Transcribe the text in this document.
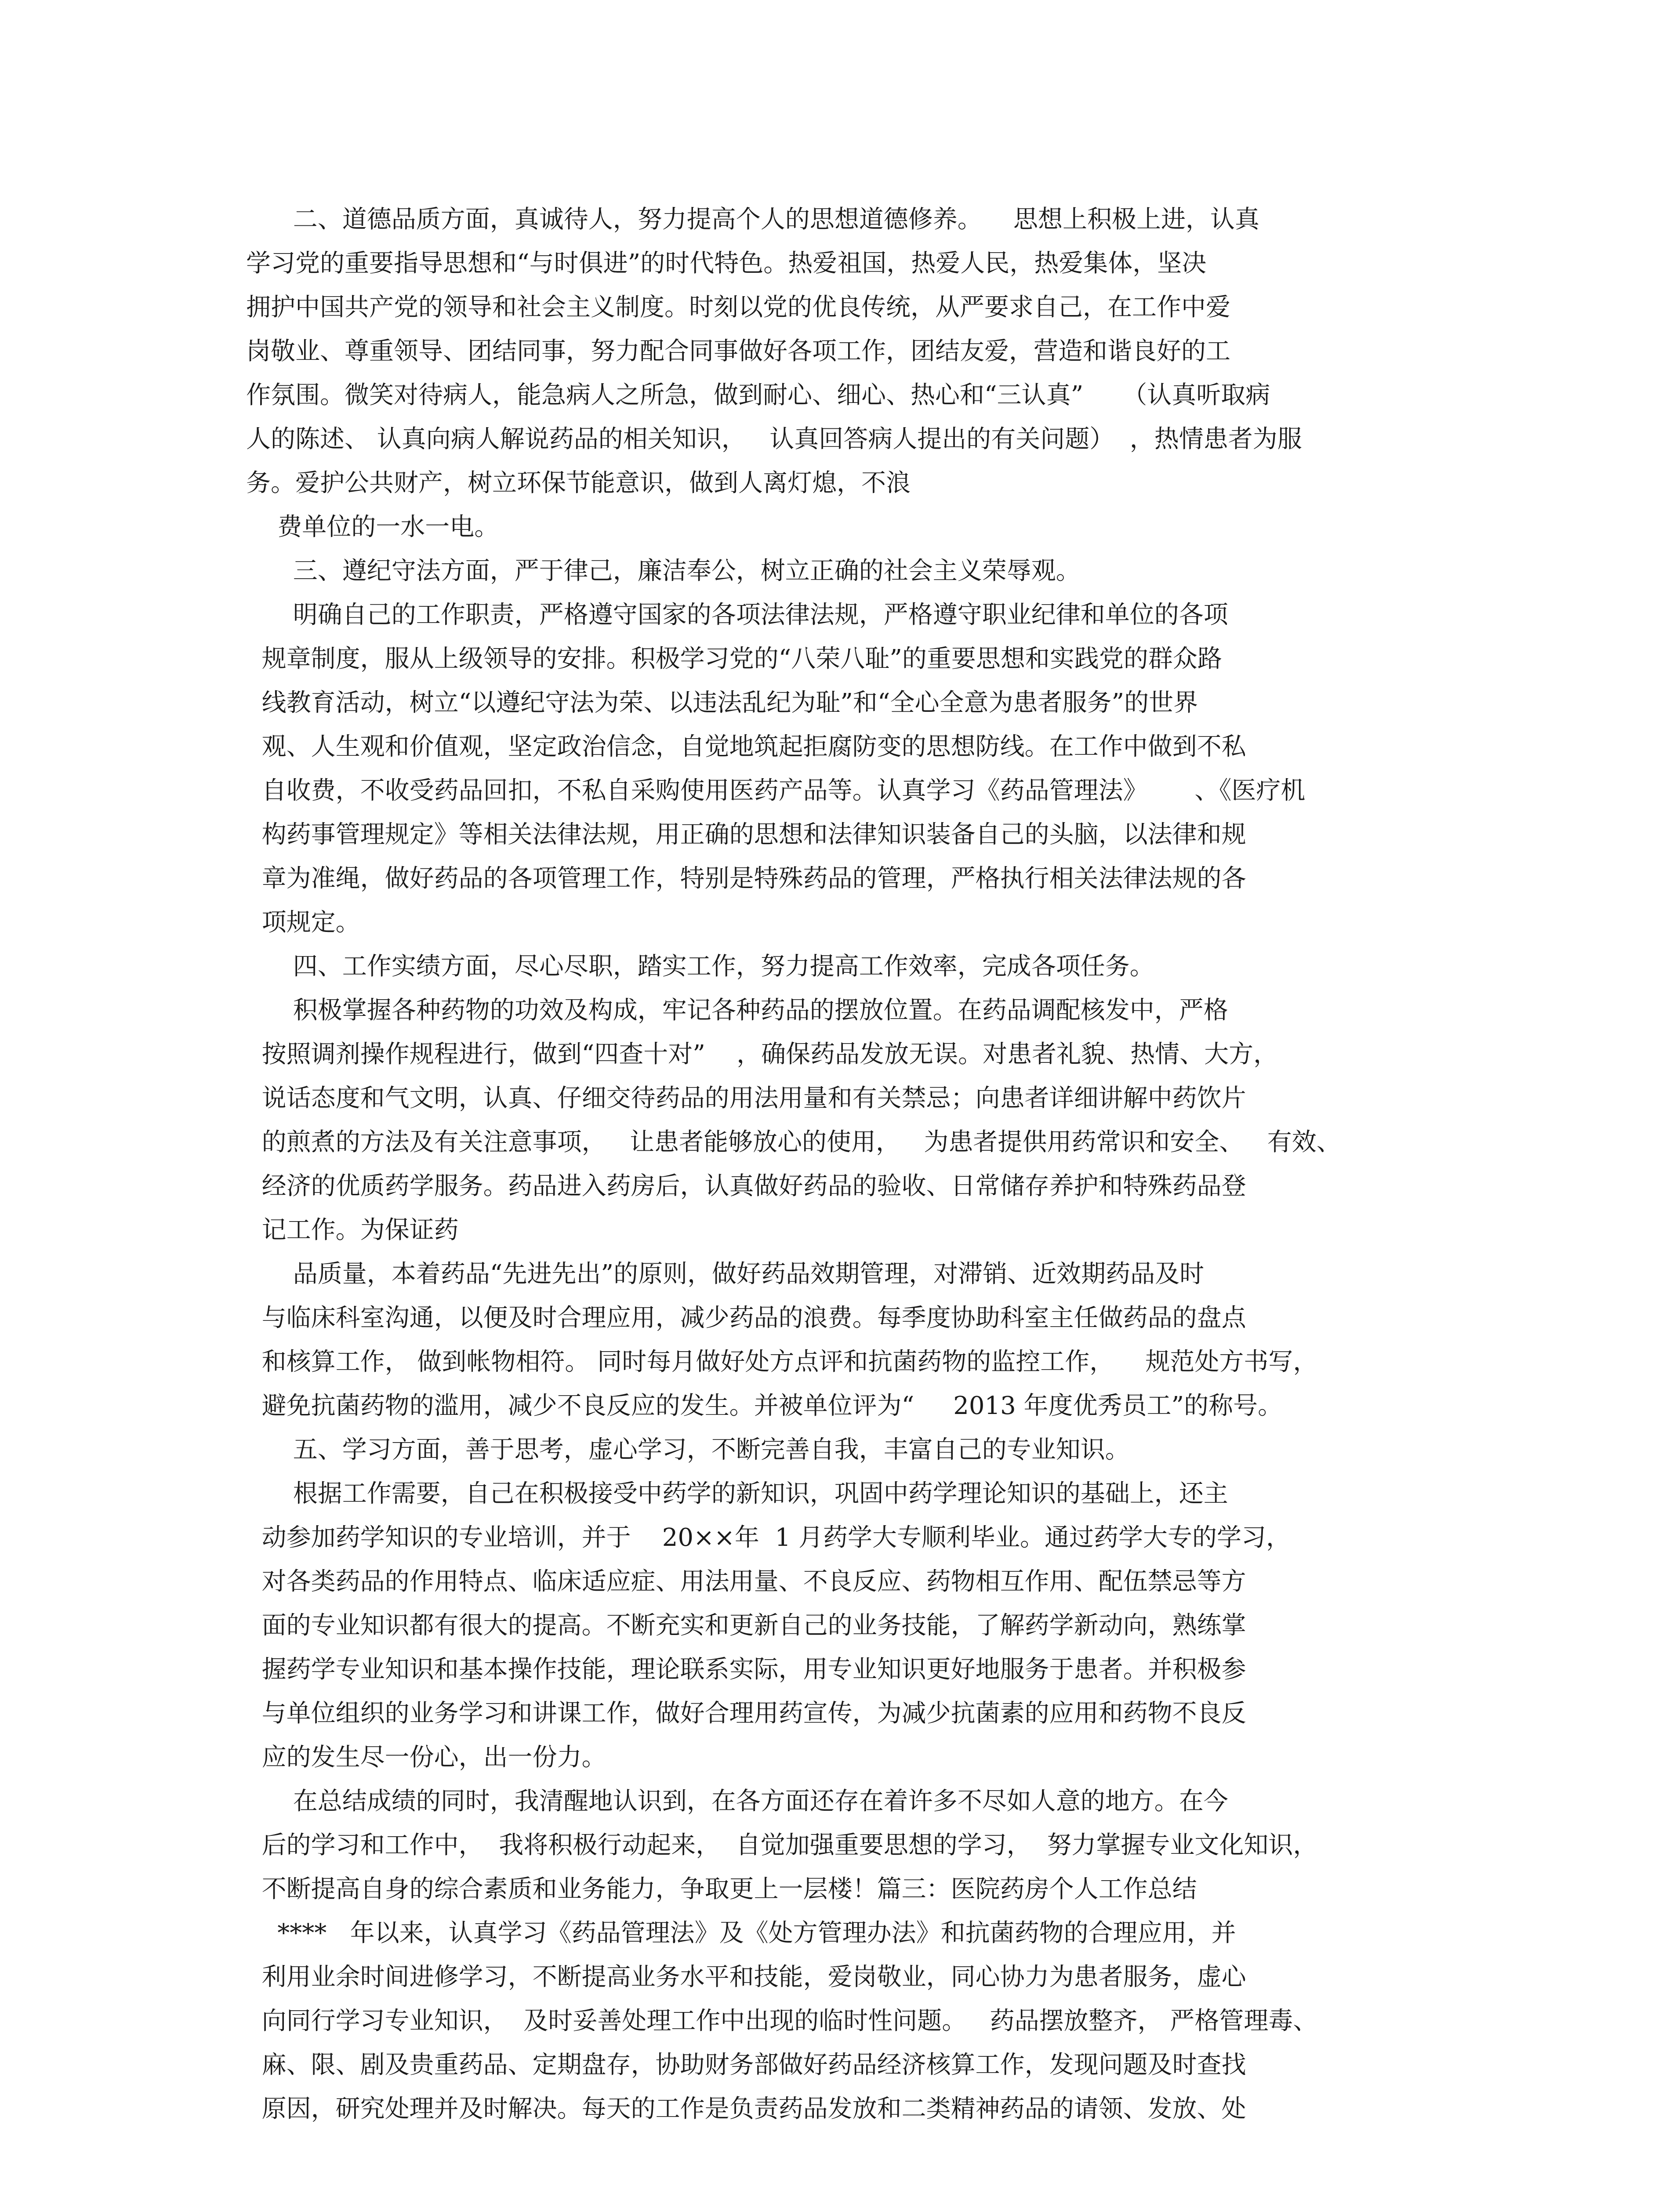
二、道德品质方面，真诚待人，努力提高个人的思想道德修养。    思想上积极上进，认真
学习党的重要指导思想和“与时俱进”的时代特色。热爱祖国，热爱人民，热爱集体，坚决
拥护中国共产党的领导和社会主义制度。时刻以党的优良传统，从严要求自己，在工作中爱
岗敬业、尊重领导、团结同事，努力配合同事做好各项工作，团结友爱，营造和谐良好的工
作氛围。微笑对待病人，能急病人之所急，做到耐心、细心、热心和“三认真”     （认真听取病
人的陈述、 认真向病人解说药品的相关知识，   认真回答病人提出的有关问题）  ，热情患者为服
务。爱护公共财产，树立环保节能意识，做到人离灯熄，不浪
费单位的一水一电。
三、遵纪守法方面，严于律己，廉洁奉公，树立正确的社会主义荣辱观。
明确自己的工作职责，严格遵守国家的各项法律法规，严格遵守职业纪律和单位的各项
规章制度，服从上级领导的安排。积极学习党的“八荣八耻”的重要思想和实践党的群众路
线教育活动，树立“以遵纪守法为荣、以违法乱纪为耻”和“全心全意为患者服务”的世界
观、人生观和价值观，坚定政治信念，自觉地筑起拒腐防变的思想防线。在工作中做到不私
自收费，不收受药品回扣，不私自采购使用医药产品等。认真学习《药品管理法》      、《医疗机
构药事管理规定》等相关法律法规，用正确的思想和法律知识装备自己的头脑，以法律和规
章为准绳，做好药品的各项管理工作，特别是特殊药品的管理，严格执行相关法律法规的各
项规定。
四、工作实绩方面，尽心尽职，踏实工作，努力提高工作效率，完成各项任务。
积极掌握各种药物的功效及构成，牢记各种药品的摆放位置。在药品调配核发中，严格
按照调剂操作规程进行，做到“四查十对”    ，确保药品发放无误。对患者礼貌、热情、大方，
说话态度和气文明，认真、仔细交待药品的用法用量和有关禁忌；向患者详细讲解中药饮片
的煎煮的方法及有关注意事项，   让患者能够放心的使用，   为患者提供用药常识和安全、   有效、
经济的优质药学服务。药品进入药房后，认真做好药品的验收、日常储存养护和特殊药品登
记工作。为保证药
品质量，本着药品“先进先出”的原则，做好药品效期管理，对滞销、近效期药品及时
与临床科室沟通，以便及时合理应用，减少药品的浪费。每季度协助科室主任做药品的盘点
和核算工作， 做到帐物相符。 同时每月做好处方点评和抗菌药物的监控工作，    规范处方书写，
避免抗菌药物的滥用，减少不良反应的发生。并被单位评为“     2013 年度优秀员工”的称号。
五、学习方面，善于思考，虚心学习，不断完善自我，丰富自己的专业知识。
根据工作需要，自己在积极接受中药学的新知识，巩固中药学理论知识的基础上，还主
动参加药学知识的专业培训，并于    20××年  1 月药学大专顺利毕业。通过药学大专的学习，
对各类药品的作用特点、临床适应症、用法用量、不良反应、药物相互作用、配伍禁忌等方
面的专业知识都有很大的提高。不断充实和更新自己的业务技能，了解药学新动向，熟练掌
握药学专业知识和基本操作技能，理论联系实际，用专业知识更好地服务于患者。并积极参
与单位组织的业务学习和讲课工作，做好合理用药宣传，为减少抗菌素的应用和药物不良反
应的发生尽一份心，出一份力。
在总结成绩的同时，我清醒地认识到，在各方面还存在着许多不尽如人意的地方。在今
后的学习和工作中，  我将积极行动起来，  自觉加强重要思想的学习，  努力掌握专业文化知识，
不断提高自身的综合素质和业务能力，争取更上一层楼！篇三：医院药房个人工作总结
****   年以来，认真学习《药品管理法》及《处方管理办法》和抗菌药物的合理应用，并
利用业余时间进修学习，不断提高业务水平和技能，爱岗敬业，同心协力为患者服务，虚心
向同行学习专业知识，  及时妥善处理工作中出现的临时性问题。   药品摆放整齐， 严格管理毒、
麻、限、剧及贵重药品、定期盘存，协助财务部做好药品经济核算工作，发现问题及时查找
原因，研究处理并及时解决。每天的工作是负责药品发放和二类精神药品的请领、发放、处
